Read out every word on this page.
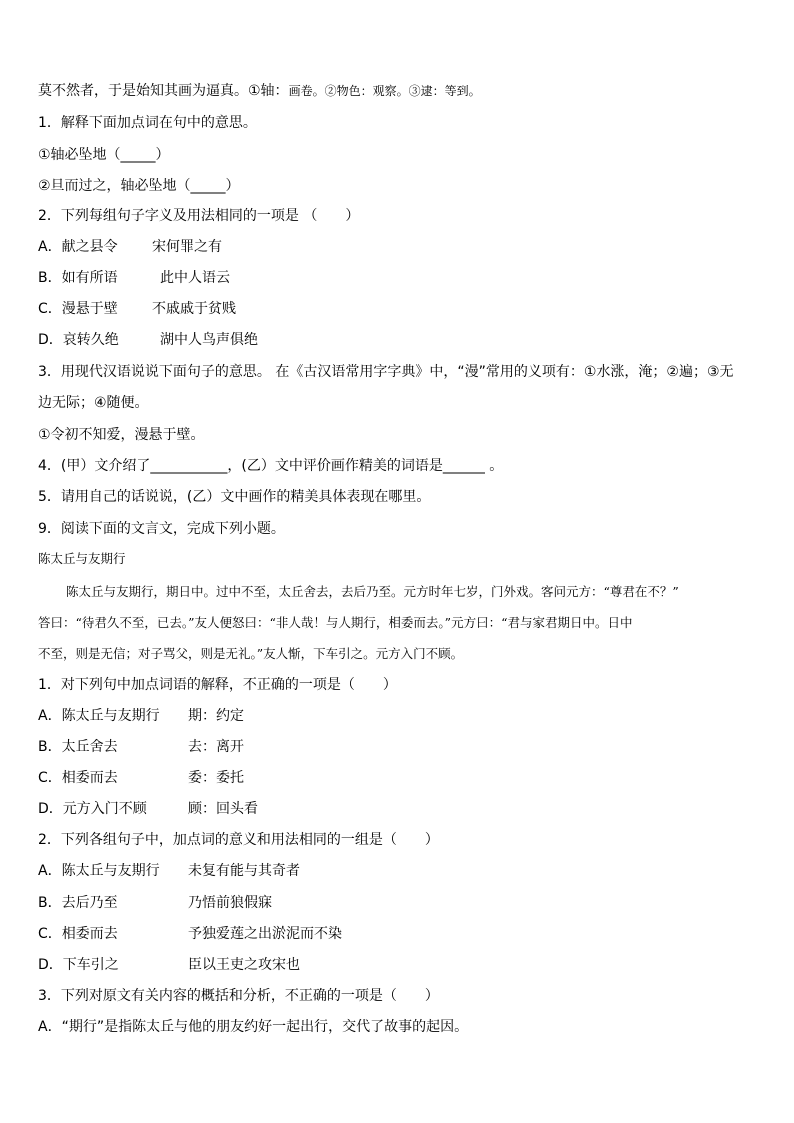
莫不然者，于是始知其画为逼真。①轴：画卷。②物色：观察。③逮：等到。
1．解释下面加点词在句中的意思。
①轴必坠地（_____）
②旦而过之，轴必坠地（_____）
2．下列每组句子字义及用法相同的一项是 （　　）
A．献之县令 宋何罪之有
B．如有所语	此中人语云
C．漫悬于壁 不戚戚于贫贱
D．哀转久绝	湖中人鸟声俱绝
3．用现代汉语说说下面句子的意思。 在《古汉语常用字字典》中，“漫”常用的义项有：①水涨，淹；②遍；③无
边无际；④随便。
①令初不知爱，漫悬于壁。
4．(甲）文介绍了___________，(乙）文中评价画作精美的词语是______ 。
5．请用自己的话说说，(乙）文中画作的精美具体表现在哪里。
9．阅读下面的文言文，完成下列小题。
陈太丘与友期行
陈太丘与友期行，期日中。过中不至，太丘舍去，去后乃至。元方时年七岁，门外戏。客问元方：“尊君在不？”
答曰：“待君久不至，已去。”友人便怒曰：“非人哉！与人期行，相委而去。”元方曰：“君与家君期日中。日中
不至，则是无信；对子骂父，则是无礼。”友人惭，下车引之。元方入门不顾。
1．对下列句中加点词语的解释，不正确的一项是（　　）
A．陈太丘与友期行 期：约定
B．太丘舍去	去：离开
C．相委而去	委：委托
D．元方入门不顾	顾：回头看
2．下列各组句子中，加点词的意义和用法相同的一组是（　　）
A．陈太丘与友期行 未复有能与其奇者
B．去后乃至	乃悟前狼假寐
C．相委而去	予独爱莲之出淤泥而不染
D．下车引之	臣以王吏之攻宋也
3．下列对原文有关内容的概括和分析，不正确的一项是（　　）
A．“期行”是指陈太丘与他的朋友约好一起出行，交代了故事的起因。
